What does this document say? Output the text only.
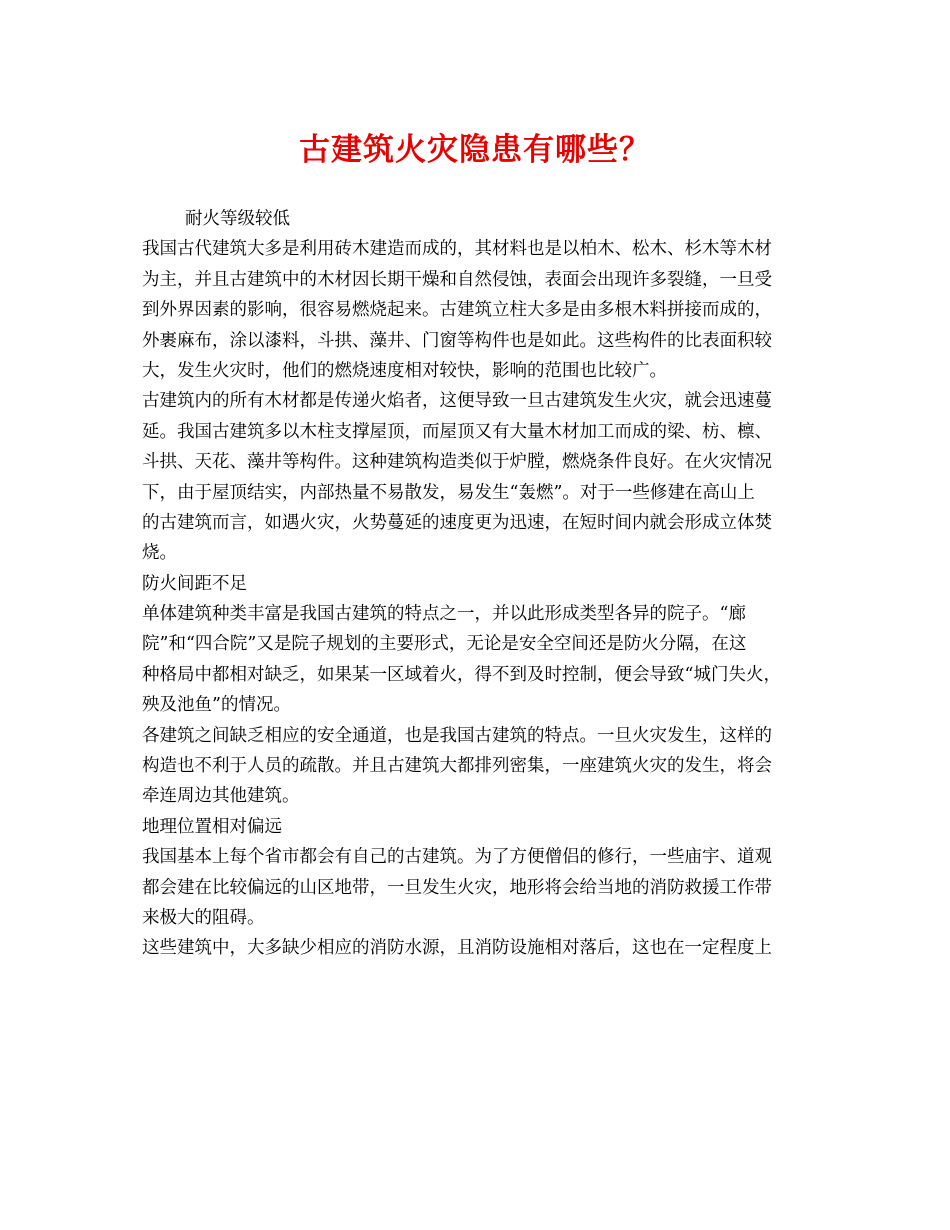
古建筑火灾隐患有哪些？
耐火等级较低
我国古代建筑大多是利用砖木建造而成的，其材料也是以柏木、松木、杉木等木材
为主，并且古建筑中的木材因长期干燥和自然侵蚀，表面会出现许多裂缝，一旦受
到外界因素的影响，很容易燃烧起来。古建筑立柱大多是由多根木料拼接而成的，
外裹麻布，涂以漆料，斗拱、藻井、门窗等构件也是如此。这些构件的比表面积较
大，发生火灾时，他们的燃烧速度相对较快，影响的范围也比较广。
古建筑内的所有木材都是传递火焰者，这便导致一旦古建筑发生火灾，就会迅速蔓
延。我国古建筑多以木柱支撑屋顶，而屋顶又有大量木材加工而成的梁、枋、檩、
斗拱、天花、藻井等构件。这种建筑构造类似于炉膛，燃烧条件良好。在火灾情况
下，由于屋顶结实，内部热量不易散发，易发生“轰燃”。对于一些修建在高山上
的古建筑而言，如遇火灾，火势蔓延的速度更为迅速，在短时间内就会形成立体焚
烧。
防火间距不足
单体建筑种类丰富是我国古建筑的特点之一，并以此形成类型各异的院子。“廊
院”和“四合院”又是院子规划的主要形式，无论是安全空间还是防火分隔，在这
种格局中都相对缺乏，如果某一区域着火，得不到及时控制，便会导致“城门失火，
殃及池鱼”的情况。
各建筑之间缺乏相应的安全通道，也是我国古建筑的特点。一旦火灾发生，这样的
构造也不利于人员的疏散。并且古建筑大都排列密集，一座建筑火灾的发生，将会
牵连周边其他建筑。
地理位置相对偏远
我国基本上每个省市都会有自己的古建筑。为了方便僧侣的修行，一些庙宇、道观
都会建在比较偏远的山区地带，一旦发生火灾，地形将会给当地的消防救援工作带
来极大的阻碍。
这些建筑中，大多缺少相应的消防水源，且消防设施相对落后，这也在一定程度上
